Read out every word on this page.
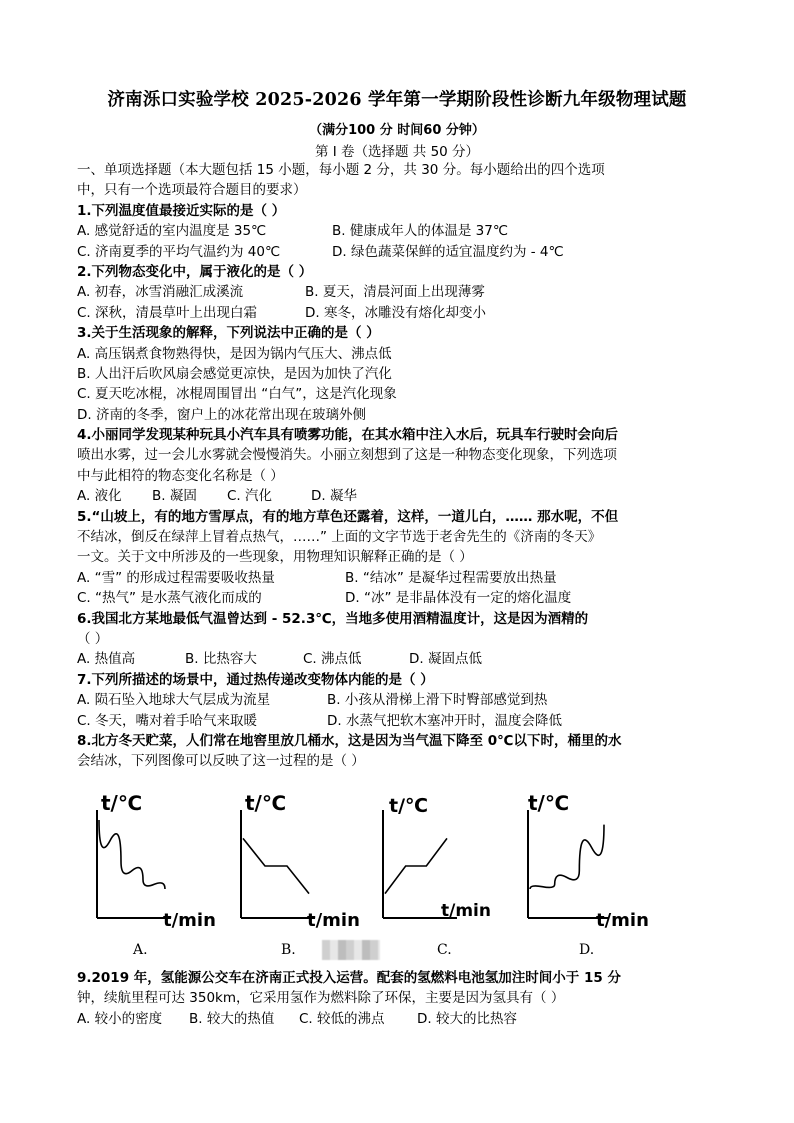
济南泺口实验学校 2025-2026 学年第一学期阶段性诊断九年级物理试题
（满分100 分 时间60 分钟）
第 I 卷（选择题 共 50 分）
一、单项选择题（本大题包括 15 小题，每小题 2 分，共 30 分。每小题给出的四个选项
中，只有一个选项最符合题目的要求）
1.下列温度值最接近实际的是（ ）
A. 感觉舒适的室内温度是 35℃	B. 健康成年人的体温是 37℃
C. 济南夏季的平均气温约为 40℃	D. 绿色蔬菜保鲜的适宜温度约为 - 4℃
2.下列物态变化中，属于液化的是（ ）
A. 初春，冰雪消融汇成溪流	B. 夏天，清晨河面上出现薄雾
C. 深秋，清晨草叶上出现白霜	D. 寒冬，冰雕没有熔化却变小
3.关于生活现象的解释，下列说法中正确的是（ ）
A. 高压锅煮食物熟得快，是因为锅内气压大、沸点低
B. 人出汗后吹风扇会感觉更凉快，是因为加快了汽化
C. 夏天吃冰棍，冰棍周围冒出 “白气”，这是汽化现象
D. 济南的冬季，窗户上的冰花常出现在玻璃外侧
4.小丽同学发现某种玩具小汽车具有喷雾功能，在其水箱中注入水后，玩具车行驶时会向后
喷出水雾，过一会儿水雾就会慢慢消失。小丽立刻想到了这是一种物态变化现象，下列选项
中与此相符的物态变化名称是（ ）
A. 液化	B. 凝固	C. 汽化	D. 凝华
5.“山坡上，有的地方雪厚点，有的地方草色还露着，这样，一道儿白，…… 那水呢，不但
不结冰，倒反在绿萍上冒着点热气，……” 上面的文字节选于老舍先生的《济南的冬天》
一文。关于文中所涉及的一些现象，用物理知识解释正确的是（ ）
A. “雪” 的形成过程需要吸收热量	B. “结冰” 是凝华过程需要放出热量
C. “热气” 是水蒸气液化而成的	D. “冰” 是非晶体没有一定的熔化温度
6.我国北方某地最低气温曾达到 - 52.3℃，当地多使用酒精温度计，这是因为酒精的
（ ）
A. 热值高	B. 比热容大	C. 沸点低	D. 凝固点低
7.下列所描述的场景中，通过热传递改变物体内能的是（ ）
A. 陨石坠入地球大气层成为流星	B. 小孩从滑梯上滑下时臀部感觉到热
C. 冬天，嘴对着手哈气来取暖	D. 水蒸气把软木塞冲开时，温度会降低
8.北方冬天贮菜，人们常在地窖里放几桶水，这是因为当气温下降至 0℃以下时，桶里的水
会结冰，下列图像可以反映了这一过程的是（ ）
t/℃
t/min
t/℃
t/min
t/℃
t/min
t/℃
t/min
A.	B.	C.	D.
9.2019 年，氢能源公交车在济南正式投入运营。配套的氢燃料电池氢加注时间小于 15 分
钟，续航里程可达 350km，它采用氢作为燃料除了环保，主要是因为氢具有（ ）
A. 较小的密度	B. 较大的热值	C. 较低的沸点	D. 较大的比热容
